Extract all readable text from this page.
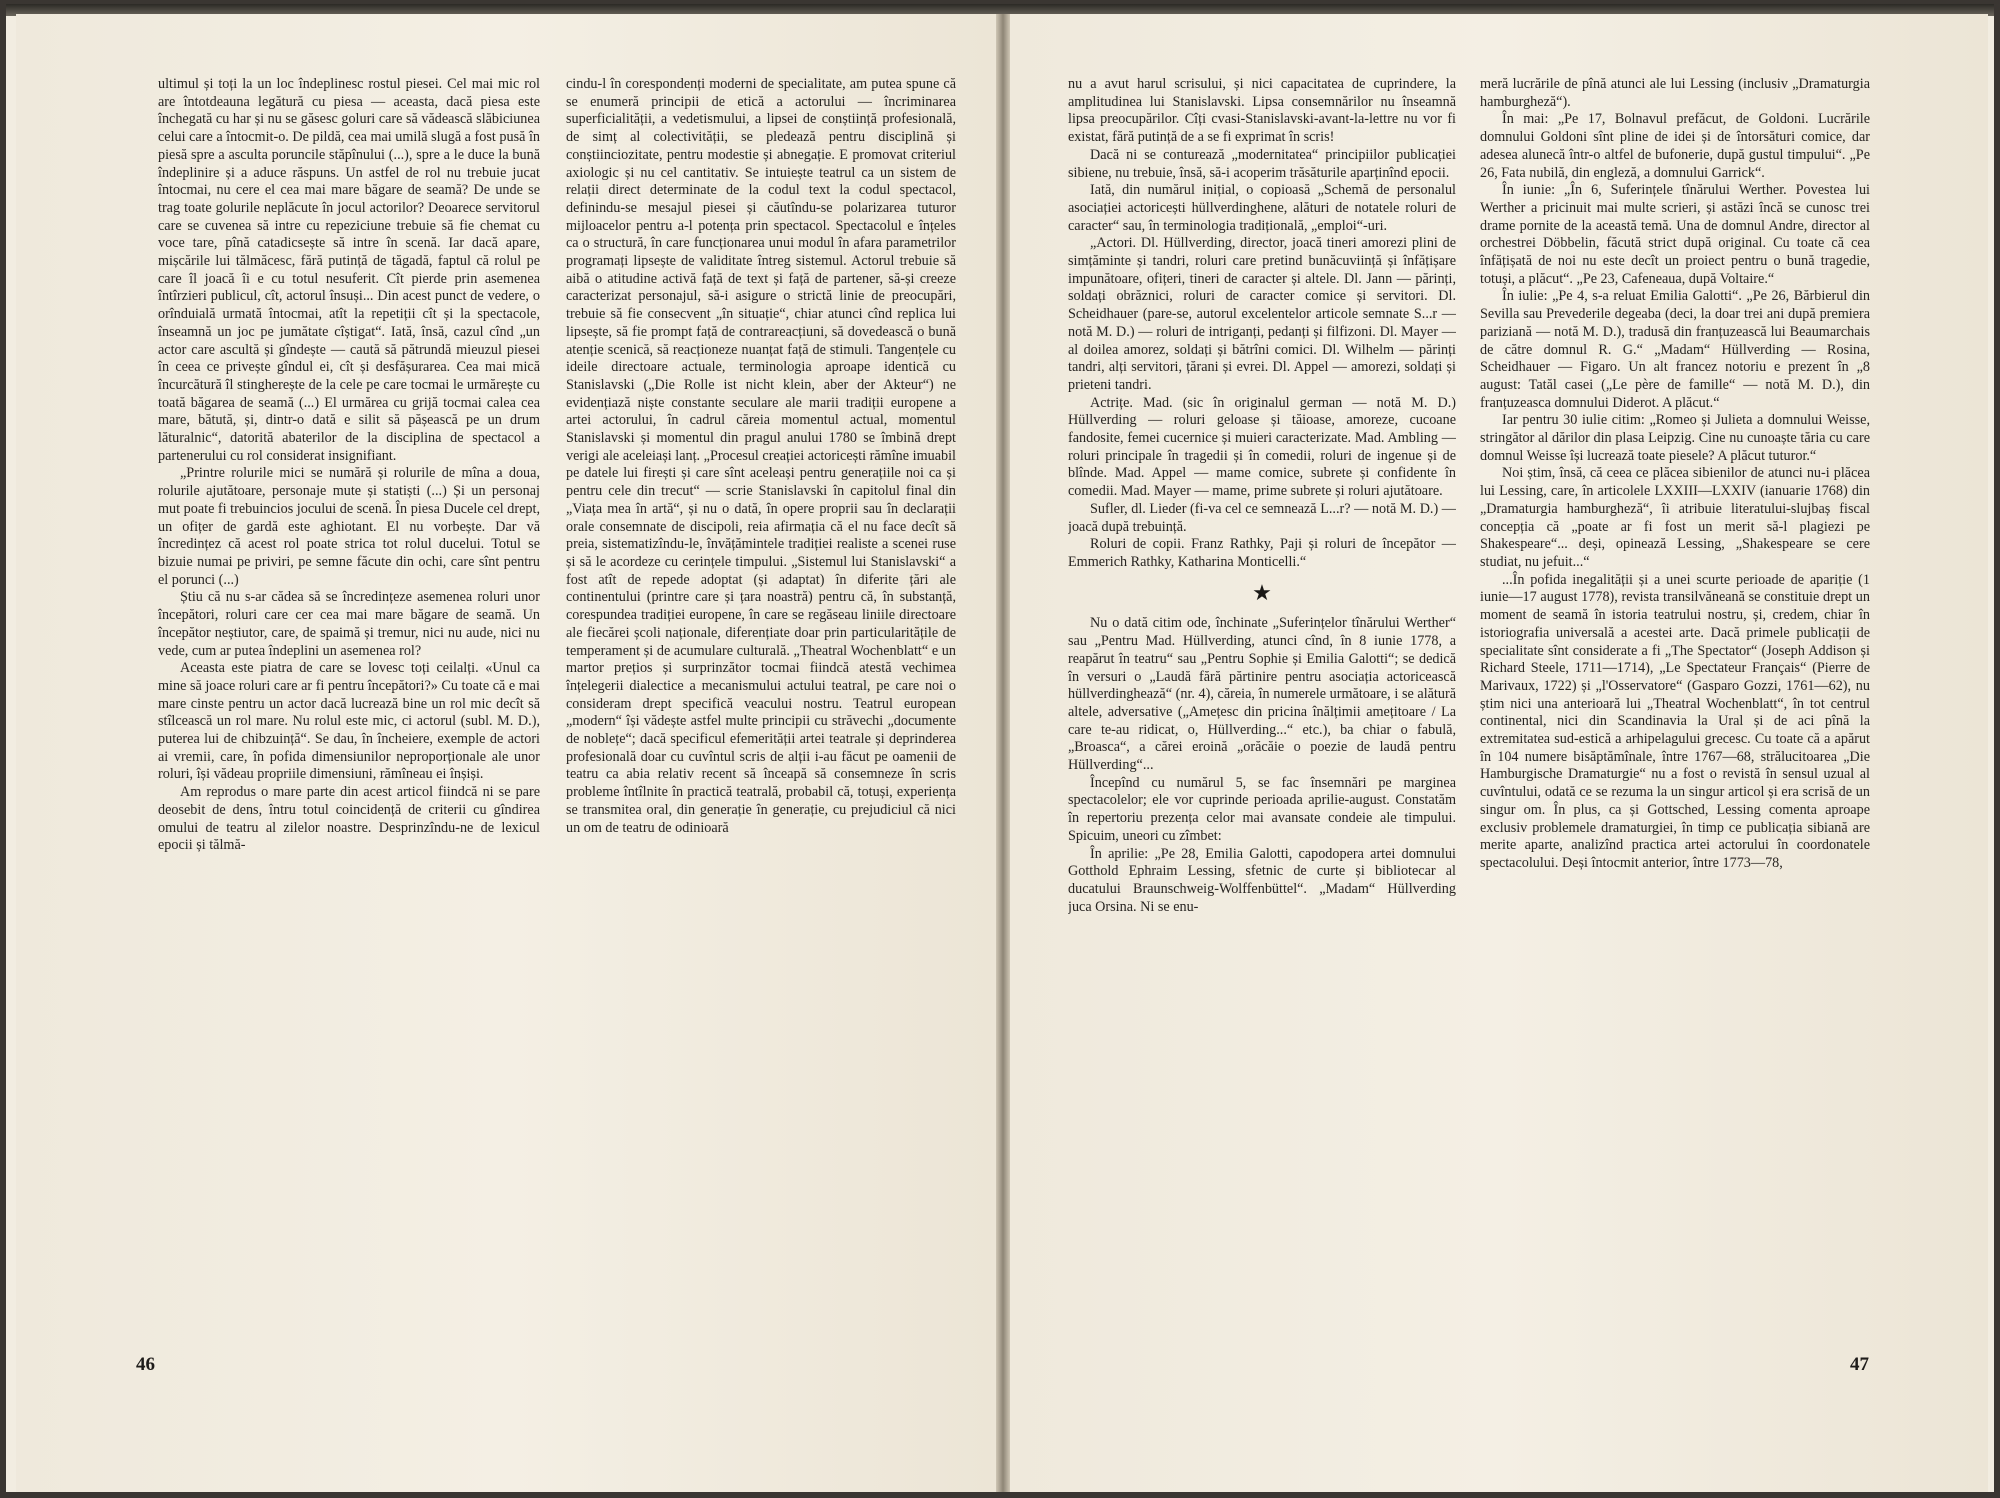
ultimul și toți la un loc îndeplinesc rostul piesei. Cel mai mic rol are întotdeauna legătură cu piesa — aceasta, dacă piesa este închegată cu har și nu se găsesc goluri care să vădească slăbiciunea celui care a întocmit-o. De pildă, cea mai umilă slugă a fost pusă în piesă spre a asculta poruncile stăpînului (...), spre a le duce la bună îndeplinire și a aduce răspuns. Un astfel de rol nu trebuie jucat întocmai, nu cere el cea mai mare băgare de seamă? De unde se trag toate golurile neplăcute în jocul actorilor? Deoarece servitorul care se cuvenea să intre cu repeziciune trebuie să fie chemat cu voce tare, pînă catadicsește să intre în scenă. Iar dacă apare, mișcările lui tălmăcesc, fără putință de tăgadă, faptul că rolul pe care îl joacă îi e cu totul nesuferit. Cît pierde prin asemenea întîrzieri publicul, cît, actorul însuși... Din acest punct de vedere, o orînduială urmată întocmai, atît la repetiții cît și la spectacole, înseamnă un joc pe jumătate cîștigat“. Iată, însă, cazul cînd „un actor care ascultă și gîndește — caută să pătrundă mieuzul piesei în ceea ce privește gîndul ei, cît și desfășurarea. Cea mai mică încurcătură îl stingherește de la cele pe care tocmai le urmărește cu toată băgarea de seamă (...) El urmărea cu grijă tocmai calea cea mare, bătută, și, dintr-o dată e silit să pășească pe un drum lăturalnic“, datorită abaterilor de la disciplina de spectacol a partenerului cu rol considerat insignifiant.

„Printre rolurile mici se numără și rolurile de mîna a doua, rolurile ajutătoare, personaje mute și statiști (...) Și un personaj mut poate fi trebuincios jocului de scenă. În piesa Ducele cel drept, un ofițer de gardă este aghiotant. El nu vorbește. Dar vă încredințez că acest rol poate strica tot rolul ducelui. Totul se bizuie numai pe priviri, pe semne făcute din ochi, care sînt pentru el porunci (...)

Știu că nu s-ar cădea să se încredințeze asemenea roluri unor începători, roluri care cer cea mai mare băgare de seamă. Un începător neștiutor, care, de spaimă și tremur, nici nu aude, nici nu vede, cum ar putea îndeplini un asemenea rol?

Aceasta este piatra de care se lovesc toți ceilalți. «Unul ca mine să joace roluri care ar fi pentru începători?» Cu toate că e mai mare cinste pentru un actor dacă lucrează bine un rol mic decît să stîlcească un rol mare. Nu rolul este mic, ci actorul (subl. M. D.), puterea lui de chibzuință“. Se dau, în încheiere, exemple de actori ai vremii, care, în pofida dimensiunilor neproporționale ale unor roluri, își vădeau propriile dimensiuni, rămîneau ei înșiși.

Am reprodus o mare parte din acest articol fiindcă ni se pare deosebit de dens, întru totul coincidență de criterii cu gîndirea omului de teatru al zilelor noastre. Desprinzîndu-ne de lexicul epocii și tălmă-

cindu-l în corespondenți moderni de specialitate, am putea spune că se enumeră principii de etică a actorului — încriminarea superficialității, a vedetismului, a lipsei de conștiință profesională, de simț al colectivității, se pledează pentru disciplină și conștiinciozitate, pentru modestie și abnegație. E promovat criteriul axiologic și nu cel cantitativ. Se intuiește teatrul ca un sistem de relații direct determinate de la codul text la codul spectacol, definindu-se mesajul piesei și căutîndu-se polarizarea tuturor mijloacelor pentru a-l potența prin spectacol. Spectacolul e înțeles ca o structură, în care funcționarea unui modul în afara parametrilor programați lipsește de validitate întreg sistemul. Actorul trebuie să aibă o atitudine activă față de text și față de partener, să-și creeze caracterizat personajul, să-i asigure o strictă linie de preocupări, trebuie să fie consecvent „în situație“, chiar atunci cînd replica lui lipsește, să fie prompt față de contrareacțiuni, să dovedească o bună atenție scenică, să reacționeze nuanțat față de stimuli. Tangențele cu ideile directoare actuale, terminologia aproape identică cu Stanislavski („Die Rolle ist nicht klein, aber der Akteur“) ne evidențiază niște constante seculare ale marii tradiții europene a artei actorului, în cadrul căreia momentul actual, momentul Stanislavski și momentul din pragul anului 1780 se îmbină drept verigi ale aceleiași lanț. „Procesul creației actoricești rămîne imuabil pe datele lui firești și care sînt aceleași pentru generațiile noi ca și pentru cele din trecut“ — scrie Stanislavski în capitolul final din „Viața mea în artă“, și nu o dată, în opere proprii sau în declarații orale consemnate de discipoli, reia afirmația că el nu face decît să preia, sistematizîndu-le, învățămintele tradiției realiste a scenei ruse și să le acordeze cu cerințele timpului. „Sistemul lui Stanislavski“ a fost atît de repede adoptat (și adaptat) în diferite țări ale continentului (printre care și țara noastră) pentru că, în substanță, corespundea tradiției europene, în care se regăseau liniile directoare ale fiecărei școli naționale, diferențiate doar prin particularitățile de temperament și de acumulare culturală. „Theatral Wochenblatt“ e un martor prețios și surprinzător tocmai fiindcă atestă vechimea înțelegerii dialectice a mecanismului actului teatral, pe care noi o consideram drept specifică veacului nostru. Teatrul european „modern“ își vădește astfel multe principii cu străvechi „documente de noblețe“; dacă specificul efemerității artei teatrale și deprinderea profesională doar cu cuvîntul scris de alții i-au făcut pe oamenii de teatru ca abia relativ recent să înceapă să consemneze în scris probleme întîlnite în practică teatrală, probabil că, totuși, experiența se transmitea oral, din generație în generație, cu prejudiciul că nici un om de teatru de odinioară

46

nu a avut harul scrisului, și nici capacitatea de cuprindere, la amplitudinea lui Stanislavski. Lipsa consemnărilor nu înseamnă lipsa preocupărilor. Cîți cvasi-Stanislavski-avant-la-lettre nu vor fi existat, fără putință de a se fi exprimat în scris!

Dacă ni se conturează „modernitatea“ principiilor publicației sibiene, nu trebuie, însă, să-i acoperim trăsăturile aparținînd epocii.

Iată, din numărul inițial, o copioasă „Schemă de personalul asociației actoricești hüllverdinghene, alături de notatele roluri de caracter“ sau, în terminologia tradițională, „emploi“-uri.

„Actori. Dl. Hüllverding, director, joacă tineri amorezi plini de simțăminte și tandri, roluri care pretind bunăcuviință și înfățișare impunătoare, ofițeri, tineri de caracter și altele. Dl. Jann — părinți, soldați obrăznici, roluri de caracter comice și servitori. Dl. Scheidhauer (pare-se, autorul excelentelor articole semnate S...r — notă M. D.) — roluri de intriganți, pedanți și filfizoni. Dl. Mayer — al doilea amorez, soldați și bătrîni comici. Dl. Wilhelm — părinți tandri, alți servitori, țărani și evrei. Dl. Appel — amorezi, soldați și prieteni tandri.

Actrițe. Mad. (sic în originalul german — notă M. D.) Hüllverding — roluri geloase și tăioase, amoreze, cucoane fandosite, femei cucernice și muieri caracterizate. Mad. Ambling — roluri principale în tragedii și în comedii, roluri de ingenue și de blînde. Mad. Appel — mame comice, subrete și confidente în comedii. Mad. Mayer — mame, prime subrete și roluri ajutătoare.

Sufler, dl. Lieder (fi-va cel ce semnează L...r? — notă M. D.) — joacă după trebuință.

Roluri de copii. Franz Rathky, Paji și roluri de începător — Emmerich Rathky, Katharina Monticelli.“

★

Nu o dată citim ode, închinate „Suferințelor tînărului Werther“ sau „Pentru Mad. Hüllverding, atunci cînd, în 8 iunie 1778, a reapărut în teatru“ sau „Pentru Sophie și Emilia Galotti“; se dedică în versuri o „Laudă fără părtinire pentru asociația actoricească hüllverdinghează“ (nr. 4), căreia, în numerele următoare, i se alătură altele, adversative („Amețesc din pricina înălțimii amețitoare / La care te-au ridicat, o, Hüllverding...“ etc.), ba chiar o fabulă, „Broasca“, a cărei eroină „orăcăie o poezie de laudă pentru Hüllverding“...

Începînd cu numărul 5, se fac însemnări pe marginea spectacolelor; ele vor cuprinde perioada aprilie-august. Constatăm în repertoriu prezența celor mai avansate condeie ale timpului. Spicuim, uneori cu zîmbet:

În aprilie: „Pe 28, Emilia Galotti, capodopera artei domnului Gotthold Ephraim Lessing, sfetnic de curte și bibliotecar al ducatului Braunschweig-Wolffenbüttel“. „Madam“ Hüllverding juca Orsina. Ni se enu-

meră lucrările de pînă atunci ale lui Lessing (inclusiv „Dramaturgia hamburgheză“).

În mai: „Pe 17, Bolnavul prefăcut, de Goldoni. Lucrările domnului Goldoni sînt pline de idei și de întorsături comice, dar adesea alunecă într-o altfel de bufonerie, după gustul timpului“. „Pe 26, Fata nubilă, din engleză, a domnului Garrick“.

În iunie: „În 6, Suferințele tînărului Werther. Povestea lui Werther a pricinuit mai multe scrieri, și astăzi încă se cunosc trei drame pornite de la această temă. Una de domnul Andre, director al orchestrei Döbbelin, făcută strict după original. Cu toate că cea înfățișată de noi nu este decît un proiect pentru o bună tragedie, totuși, a plăcut“. „Pe 23, Cafeneaua, după Voltaire.“

În iulie: „Pe 4, s-a reluat Emilia Galotti“. „Pe 26, Bărbierul din Sevilla sau Prevederile degeaba (deci, la doar trei ani după premiera pariziană — notă M. D.), tradusă din franțuzească lui Beaumarchais de către domnul R. G.“ „Madam“ Hüllverding — Rosina, Scheidhauer — Figaro. Un alt francez notoriu e prezent în „8 august: Tatăl casei („Le père de famille“ — notă M. D.), din franțuzeasca domnului Diderot. A plăcut.“

Iar pentru 30 iulie citim: „Romeo și Julieta a domnului Weisse, stringător al dărilor din plasa Leipzig. Cine nu cunoaște tăria cu care domnul Weisse își lucrează toate piesele? A plăcut tuturor.“

Noi știm, însă, că ceea ce plăcea sibienilor de atunci nu-i plăcea lui Lessing, care, în articolele LXXIII—LXXIV (ianuarie 1768) din „Dramaturgia hamburgheză“, îi atribuie literatului-slujbaș fiscal concepția că „poate ar fi fost un merit să-l plagiezi pe Shakespeare“... deși, opinează Lessing, „Shakespeare se cere studiat, nu jefuit...“

...În pofida inegalității și a unei scurte perioade de apariție (1 iunie—17 august 1778), revista transilvăneană se constituie drept un moment de seamă în istoria teatrului nostru, și, credem, chiar în istoriografia universală a acestei arte. Dacă primele publicații de specialitate sînt considerate a fi „The Spectator“ (Joseph Addison și Richard Steele, 1711—1714), „Le Spectateur Français“ (Pierre de Marivaux, 1722) și „l'Osservatore“ (Gasparo Gozzi, 1761—62), nu știm nici una anterioară lui „Theatral Wochenblatt“, în tot centrul continental, nici din Scandinavia la Ural și de aci pînă la extremitatea sud-estică a arhipelagului grecesc. Cu toate că a apărut în 104 numere bisăptămînale, între 1767—68, strălucitoarea „Die Hamburgische Dramaturgie“ nu a fost o revistă în sensul uzual al cuvîntului, odată ce se rezuma la un singur articol și era scrisă de un singur om. În plus, ca și Gottsched, Lessing comenta aproape exclusiv problemele dramaturgiei, în timp ce publicația sibiană are merite aparte, analizînd practica artei actorului în coordonatele spectacolului. Deși întocmit anterior, între 1773—78,

47
